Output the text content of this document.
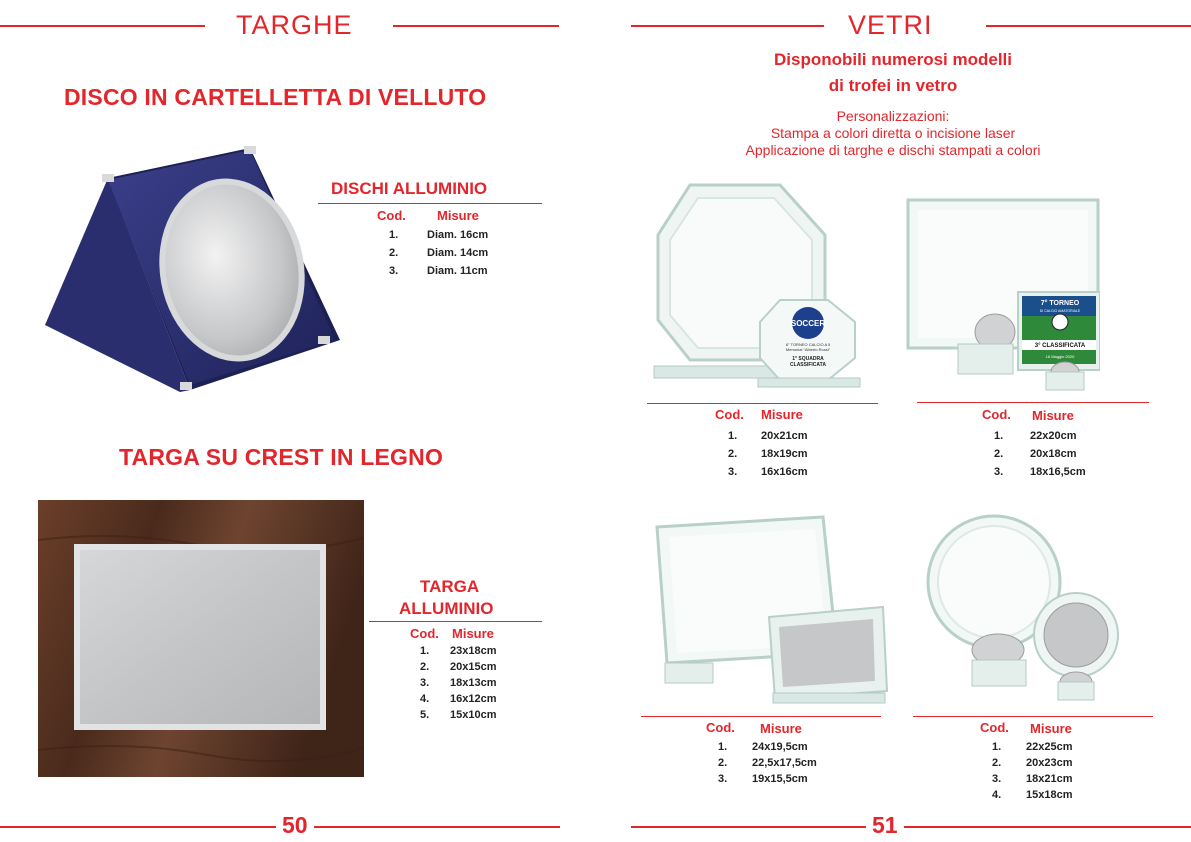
TARGHE	VETRI
DISCO IN CARTELLETTA DI VELLUTO
DISCHI ALLUMINIO
Cod. Misure
1.	Diam. 16cm
2.	Diam. 14cm
3.	Diam. 11cm
TARGA SU CREST IN LEGNO
TARGA
ALLUMINIO
Cod. Misure
1. 23x18cm
2. 20x15cm
3. 18x13cm
4. 16x12cm
5. 15x10cm
50
Disponobili numerosi modelli
di trofei in vetro
Personalizzazioni:
Stampa a colori diretta o incisione laser
Applicazione di targhe e dischi stampati a colori
SOCCER
6° TORNEO CALCIO A 5
Memorial "Alberto Rossi"
1° SQUADRA
CLASSIFICATA
7° TORNEO
DI CALCIO AMATORIALE
3° CLASSIFICATA
16 Maggio 2020
Cod. Misure	Cod. Misure
Cod. Misure	Cod. Misure
1. 20x21cm
2. 18x19cm
3. 16x16cm
1. 22x20cm
2. 20x18cm
3. 18x16,5cm
1. 24x19,5cm
2. 22,5x17,5cm
3. 19x15,5cm
1. 22x25cm
2. 20x23cm
3. 18x21cm
4. 15x18cm
51
